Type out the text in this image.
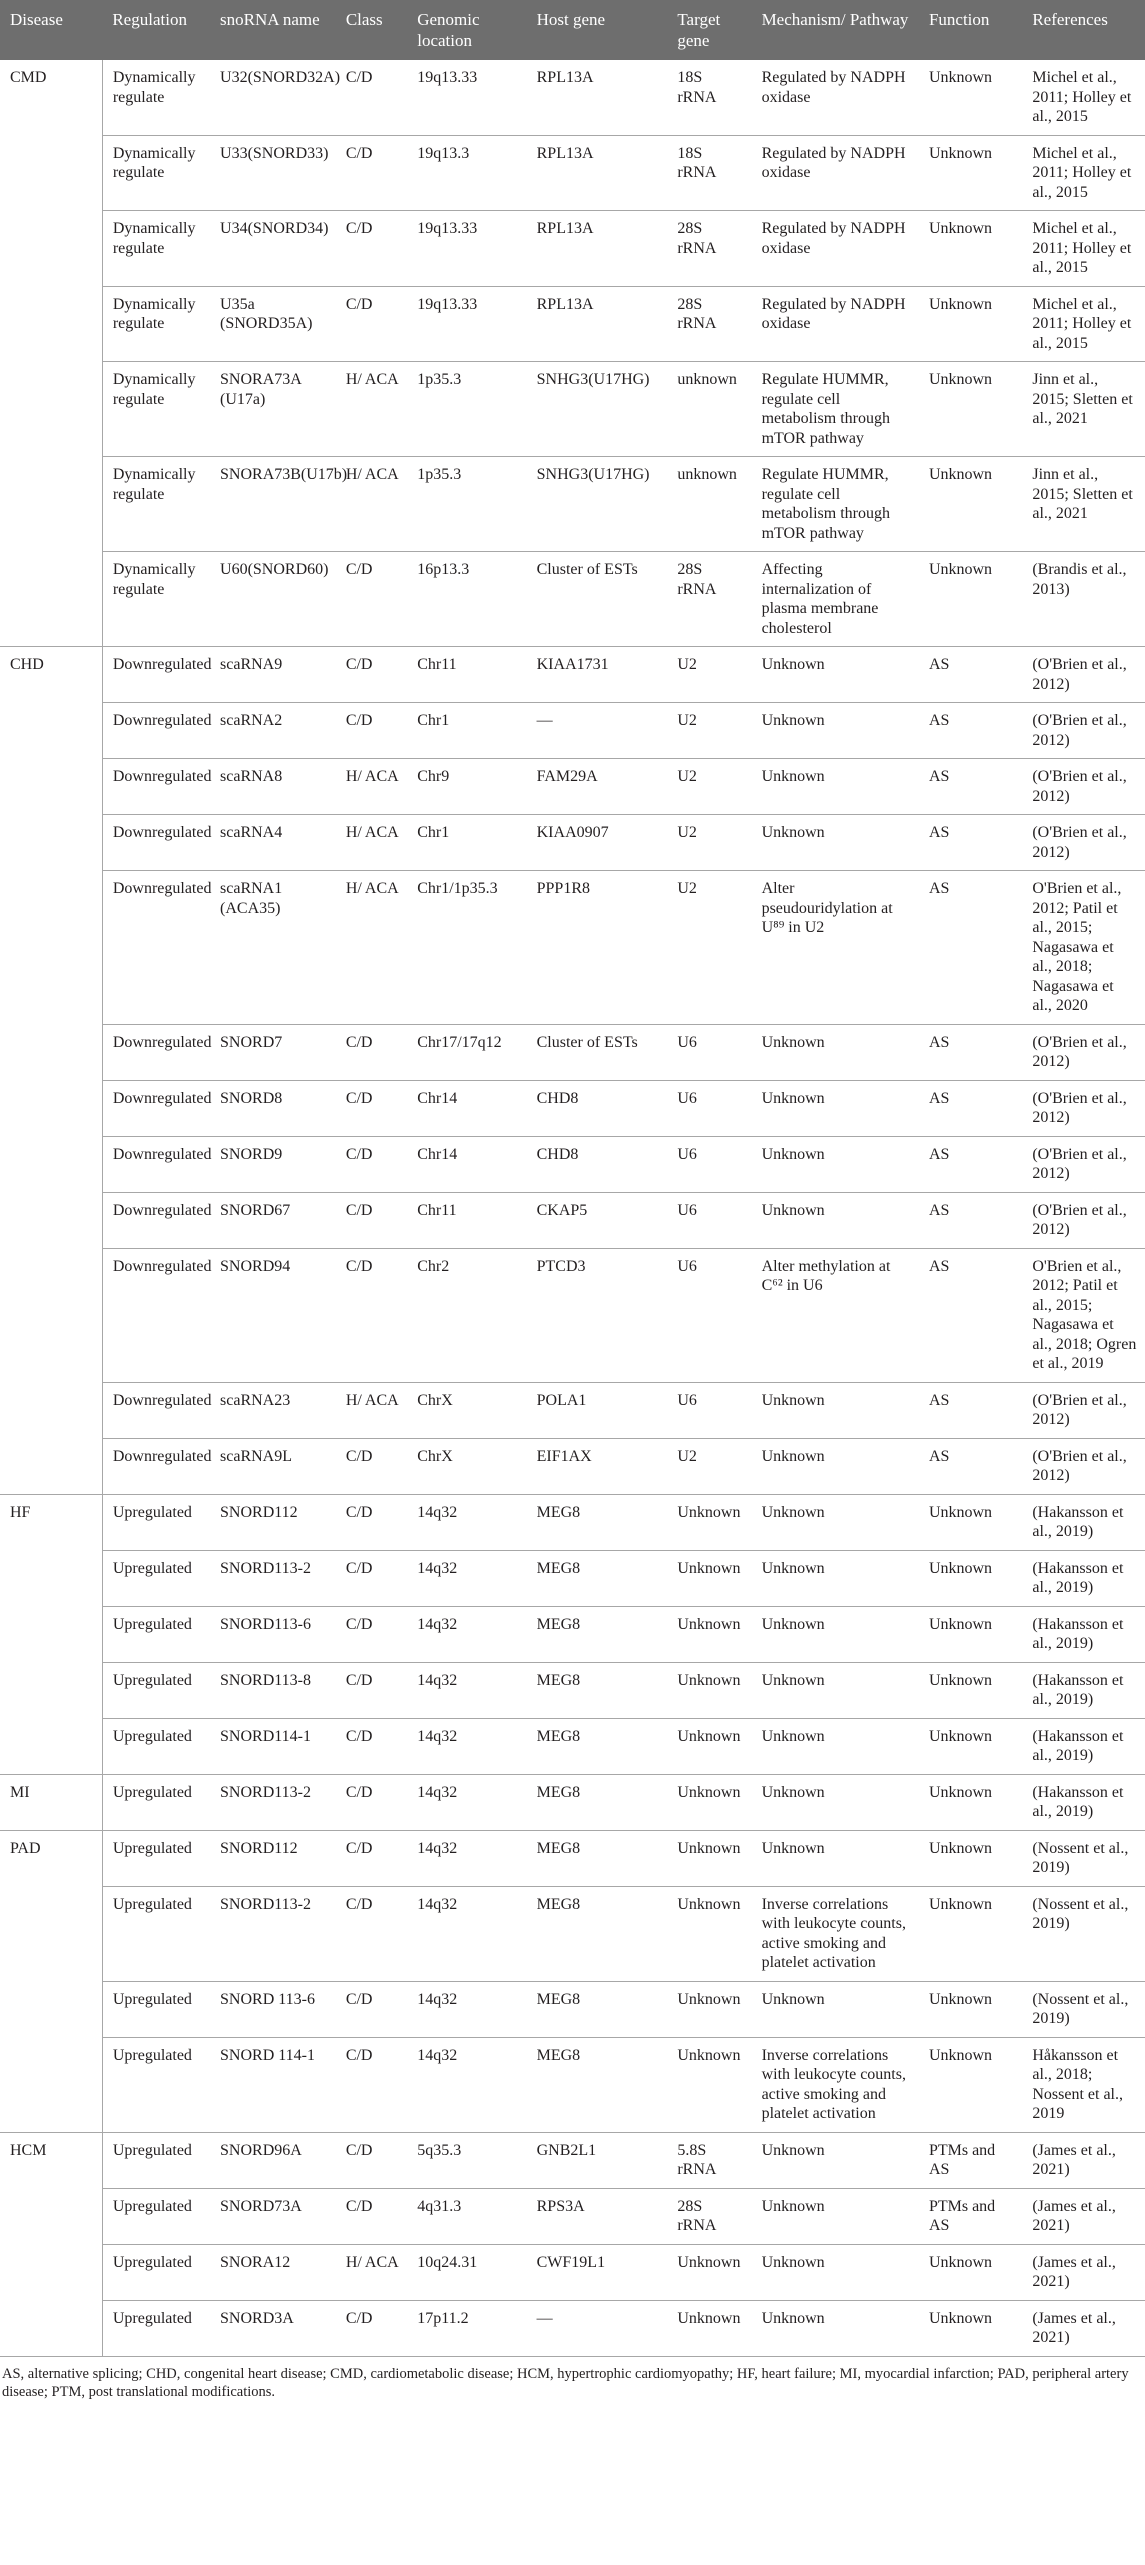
Disease	Regulation	snoRNA name	Class	Genomic location	Host gene	Target gene	Mechanism/ Pathway	Function	References
CMD	Dynamically regulate	U32(SNORD32A)	C/D	19q13.33	RPL13A	18S rRNA	Regulated by NADPH oxidase	Unknown	Michel et al., 2011; Holley et al., 2015
	Dynamically regulate	U33(SNORD33)	C/D	19q13.3	RPL13A	18S rRNA	Regulated by NADPH oxidase	Unknown	Michel et al., 2011; Holley et al., 2015
	Dynamically regulate	U34(SNORD34)	C/D	19q13.33	RPL13A	28S rRNA	Regulated by NADPH oxidase	Unknown	Michel et al., 2011; Holley et al., 2015
	Dynamically regulate	U35a (SNORD35A)	C/D	19q13.33	RPL13A	28S rRNA	Regulated by NADPH oxidase	Unknown	Michel et al., 2011; Holley et al., 2015
	Dynamically regulate	SNORA73A (U17a)	H/ ACA	1p35.3	SNHG3(U17HG)	unknown	Regulate HUMMR, regulate cell metabolism through mTOR pathway	Unknown	Jinn et al., 2015; Sletten et al., 2021
	Dynamically regulate	SNORA73B(U17b)	H/ ACA	1p35.3	SNHG3(U17HG)	unknown	Regulate HUMMR, regulate cell metabolism through mTOR pathway	Unknown	Jinn et al., 2015; Sletten et al., 2021
	Dynamically regulate	U60(SNORD60)	C/D	16p13.3	Cluster of ESTs	28S rRNA	Affecting internalization of plasma membrane cholesterol	Unknown	(Brandis et al., 2013)
CHD	Downregulated	scaRNA9	C/D	Chr11	KIAA1731	U2	Unknown	AS	(O'Brien et al., 2012)
	Downregulated	scaRNA2	C/D	Chr1	—	U2	Unknown	AS	(O'Brien et al., 2012)
	Downregulated	scaRNA8	H/ ACA	Chr9	FAM29A	U2	Unknown	AS	(O'Brien et al., 2012)
	Downregulated	scaRNA4	H/ ACA	Chr1	KIAA0907	U2	Unknown	AS	(O'Brien et al., 2012)
	Downregulated	scaRNA1 (ACA35)	H/ ACA	Chr1/1p35.3	PPP1R8	U2	Alter pseudouridylation at U⁸⁹ in U2	AS	O'Brien et al., 2012; Patil et al., 2015; Nagasawa et al., 2018; Nagasawa et al., 2020
	Downregulated	SNORD7	C/D	Chr17/17q12	Cluster of ESTs	U6	Unknown	AS	(O'Brien et al., 2012)
	Downregulated	SNORD8	C/D	Chr14	CHD8	U6	Unknown	AS	(O'Brien et al., 2012)
	Downregulated	SNORD9	C/D	Chr14	CHD8	U6	Unknown	AS	(O'Brien et al., 2012)
	Downregulated	SNORD67	C/D	Chr11	CKAP5	U6	Unknown	AS	(O'Brien et al., 2012)
	Downregulated	SNORD94	C/D	Chr2	PTCD3	U6	Alter methylation at C⁶² in U6	AS	O'Brien et al., 2012; Patil et al., 2015; Nagasawa et al., 2018; Ogren et al., 2019
	Downregulated	scaRNA23	H/ ACA	ChrX	POLA1	U6	Unknown	AS	(O'Brien et al., 2012)
	Downregulated	scaRNA9L	C/D	ChrX	EIF1AX	U2	Unknown	AS	(O'Brien et al., 2012)
HF	Upregulated	SNORD112	C/D	14q32	MEG8	Unknown	Unknown	Unknown	(Hakansson et al., 2019)
	Upregulated	SNORD113-2	C/D	14q32	MEG8	Unknown	Unknown	Unknown	(Hakansson et al., 2019)
	Upregulated	SNORD113-6	C/D	14q32	MEG8	Unknown	Unknown	Unknown	(Hakansson et al., 2019)
	Upregulated	SNORD113-8	C/D	14q32	MEG8	Unknown	Unknown	Unknown	(Hakansson et al., 2019)
	Upregulated	SNORD114-1	C/D	14q32	MEG8	Unknown	Unknown	Unknown	(Hakansson et al., 2019)
MI	Upregulated	SNORD113-2	C/D	14q32	MEG8	Unknown	Unknown	Unknown	(Hakansson et al., 2019)
PAD	Upregulated	SNORD112	C/D	14q32	MEG8	Unknown	Unknown	Unknown	(Nossent et al., 2019)
	Upregulated	SNORD113-2	C/D	14q32	MEG8	Unknown	Inverse correlations with leukocyte counts, active smoking and platelet activation	Unknown	(Nossent et al., 2019)
	Upregulated	SNORD 113-6	C/D	14q32	MEG8	Unknown	Unknown	Unknown	(Nossent et al., 2019)
	Upregulated	SNORD 114-1	C/D	14q32	MEG8	Unknown	Inverse correlations with leukocyte counts, active smoking and platelet activation	Unknown	Håkansson et al., 2018; Nossent et al., 2019
HCM	Upregulated	SNORD96A	C/D	5q35.3	GNB2L1	5.8S rRNA	Unknown	PTMs and AS	(James et al., 2021)
	Upregulated	SNORD73A	C/D	4q31.3	RPS3A	28S rRNA	Unknown	PTMs and AS	(James et al., 2021)
	Upregulated	SNORA12	H/ ACA	10q24.31	CWF19L1	Unknown	Unknown	Unknown	(James et al., 2021)
	Upregulated	SNORD3A	C/D	17p11.2	—	Unknown	Unknown	Unknown	(James et al., 2021)
AS, alternative splicing; CHD, congenital heart disease; CMD, cardiometabolic disease; HCM, hypertrophic cardiomyopathy; HF, heart failure; MI, myocardial infarction; PAD, peripheral artery disease; PTM, post translational modifications.
